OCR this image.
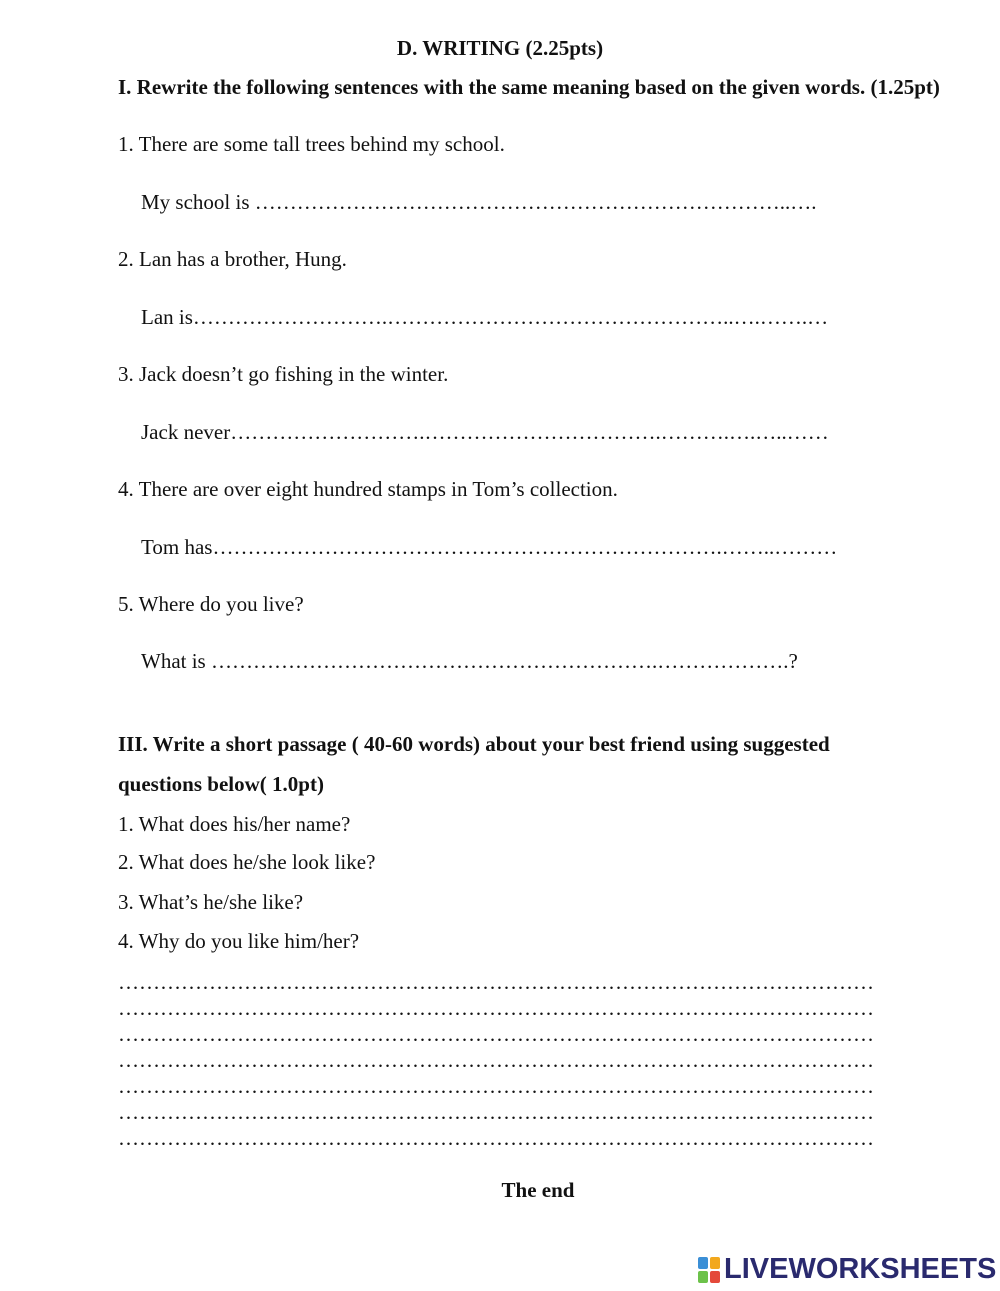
D. WRITING (2.25pts)
I. Rewrite the following sentences with the same meaning based on the given words. (1.25pt)
1. There are some tall trees behind my school.
My school is …………………………………………………………………..….
2. Lan has a brother, Hung.
Lan is……………………….…………………………………………..….…….…
3. Jack doesn’t go fishing in the winter.
Jack never……………………….…………………………….……….….…..……
4. There are over eight hundred stamps in Tom’s collection.
Tom has……………………………………………………………….……..………
5. Where do you live?
What is ……………………………………………………….……………….?
III. Write a short passage ( 40-60 words) about your best friend using suggested
questions below( 1.0pt)
1. What does his/her name?
2. What does he/she look like?
3. What’s he/she like?
4. Why do you like him/her?
………………………………………………………………………………………………
………………………………………………………………………………………………
………………………………………………………………………………………………
………………………………………………………………………………………………
………………………………………………………………………………………………
………………………………………………………………………………………………
………………………………………………………………………………………………
The end
LIVEWORKSHEETS
